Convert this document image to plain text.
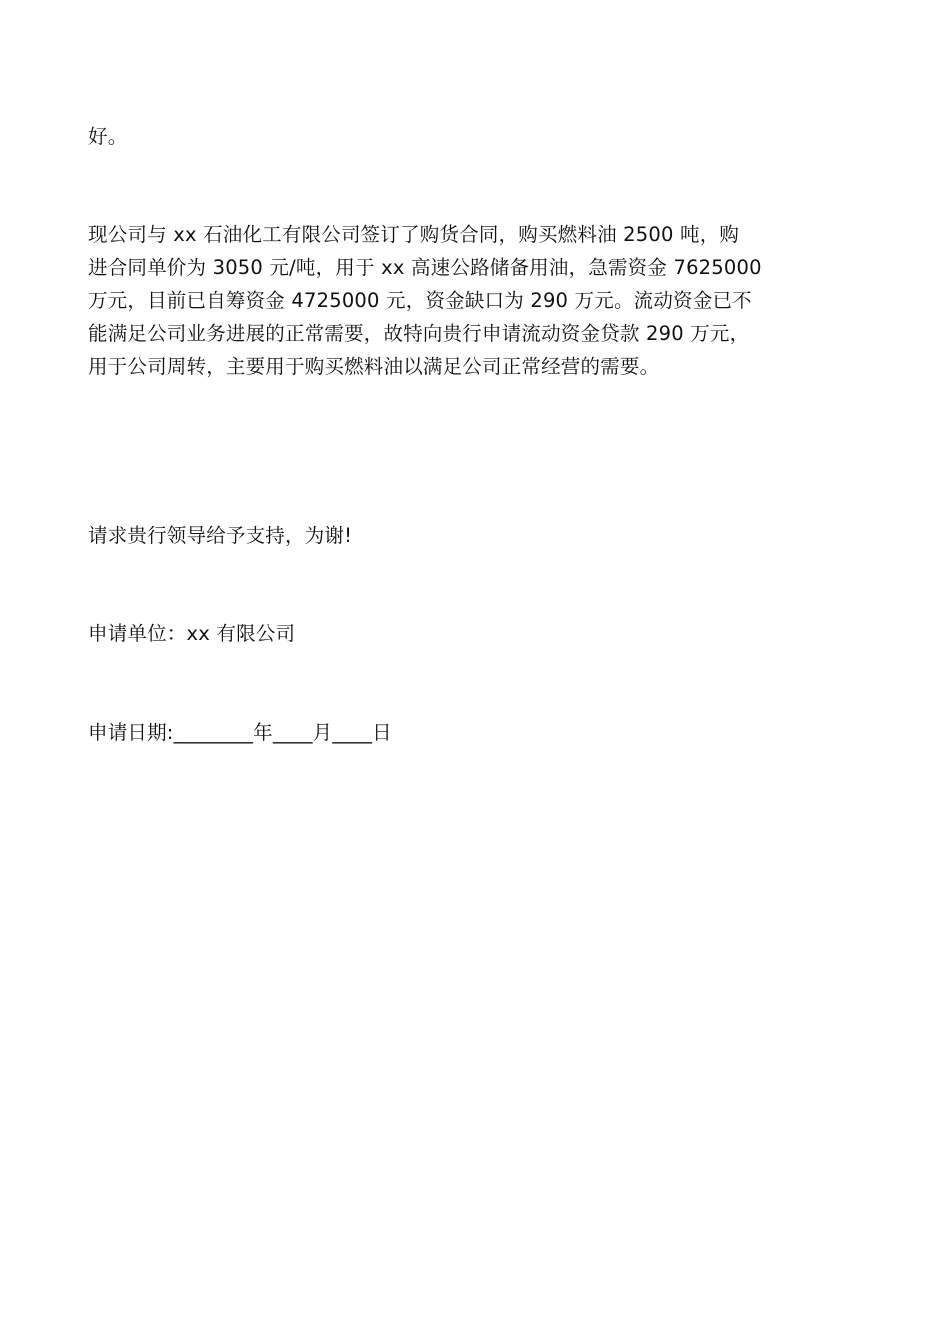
好。
现公司与 xx 石油化工有限公司签订了购货合同，购买燃料油 2500 吨，购
进合同单价为 3050 元/吨，用于 xx 高速公路储备用油，急需资金 7625000
万元，目前已自筹资金 4725000 元，资金缺口为 290 万元。流动资金已不
能满足公司业务进展的正常需要，故特向贵行申请流动资金贷款 290 万元，
用于公司周转，主要用于购买燃料油以满足公司正常经营的需要。
请求贵行领导给予支持，为谢!
申请单位：xx 有限公司
申请日期:________年____月____日
